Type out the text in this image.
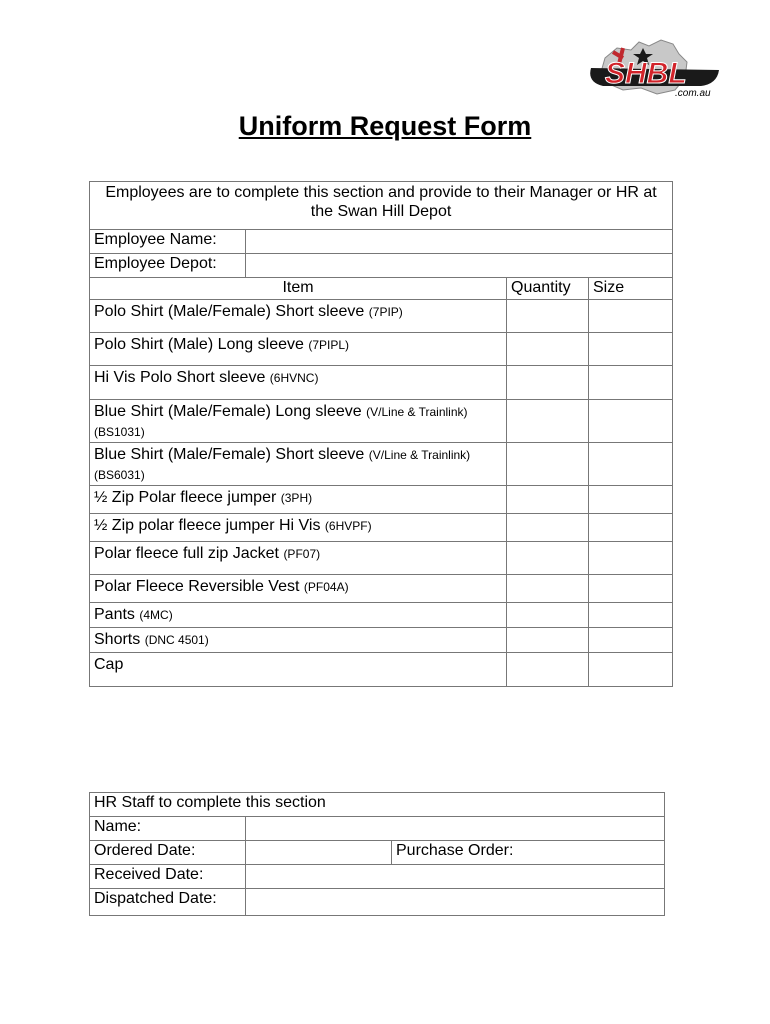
SHBL
.com.au
Uniform Request Form
Employees are to complete this section and provide to their Manager or HR at the Swan Hill Depot			
Employee Name:			
Employee Depot:			
Item		Quantity	Size
Polo Shirt (Male/Female) Short sleeve (7PIP)			
Polo Shirt (Male) Long sleeve (7PIPL)			
Hi Vis Polo Short sleeve (6HVNC)			
Blue Shirt (Male/Female) Long sleeve (V/Line & Trainlink) (BS1031)			
Blue Shirt (Male/Female) Short sleeve (V/Line & Trainlink) (BS6031)			
½ Zip Polar fleece jumper (3PH)			
½ Zip polar fleece jumper Hi Vis (6HVPF)			
Polar fleece full zip Jacket (PF07)			
Polar Fleece Reversible Vest (PF04A)			
Pants (4MC)			
Shorts (DNC 4501)			
Cap			
HR Staff to complete this section		
Name:		
Ordered Date:		Purchase Order:
Received Date:		
Dispatched Date:		
